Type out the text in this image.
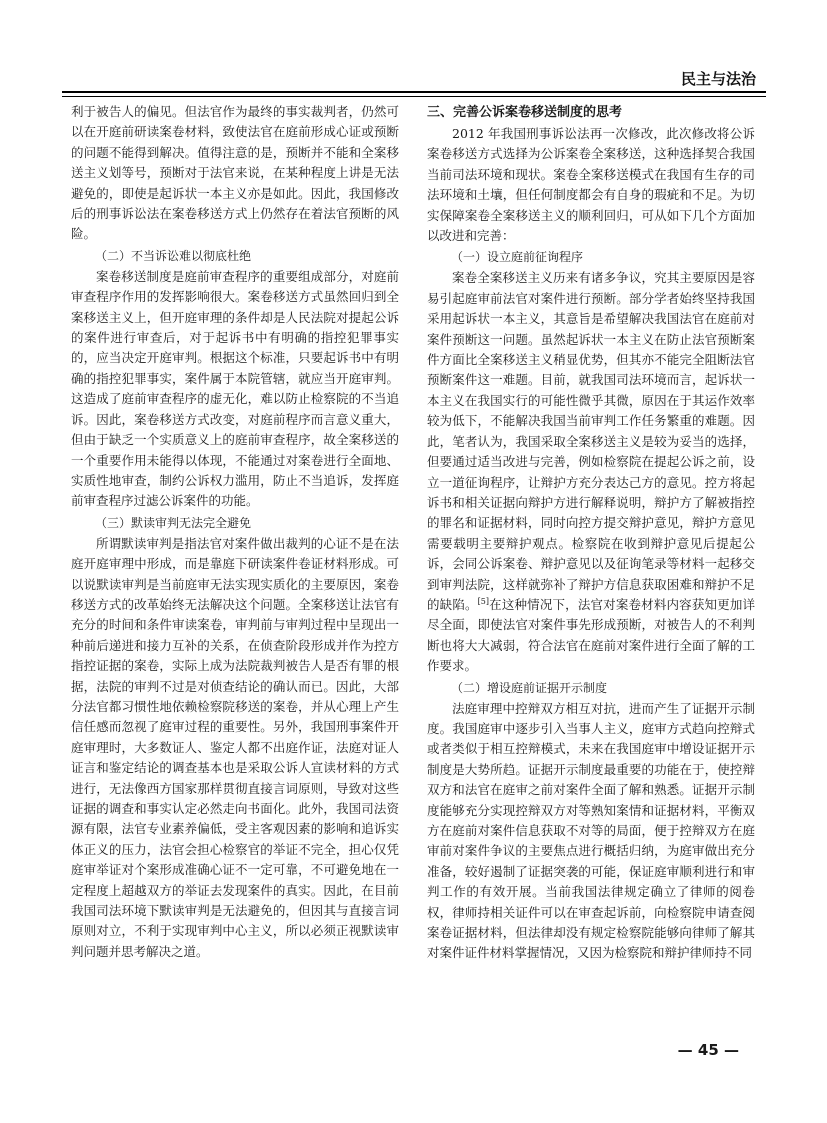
民主与法治

利于被告人的偏见。但法官作为最终的事实裁判者，仍然可以在开庭前研读案卷材料，致使法官在庭前形成心证或预断的问题不能得到解决。值得注意的是，预断并不能和全案移送主义划等号，预断对于法官来说，在某种程度上讲是无法避免的，即使是起诉状一本主义亦是如此。因此，我国修改后的刑事诉讼法在案卷移送方式上仍然存在着法官预断的风险。

（二）不当诉讼难以彻底杜绝

案卷移送制度是庭前审查程序的重要组成部分，对庭前审查程序作用的发挥影响很大。案卷移送方式虽然回归到全案移送主义上，但开庭审理的条件却是人民法院对提起公诉的案件进行审查后，对于起诉书中有明确的指控犯罪事实的，应当决定开庭审判。根据这个标准，只要起诉书中有明确的指控犯罪事实，案件属于本院管辖，就应当开庭审判。这造成了庭前审查程序的虚无化，难以防止检察院的不当追诉。因此，案卷移送方式改变，对庭前程序而言意义重大，但由于缺乏一个实质意义上的庭前审查程序，故全案移送的一个重要作用未能得以体现，不能通过对案卷进行全面地、实质性地审查，制约公诉权力滥用，防止不当追诉，发挥庭前审查程序过滤公诉案件的功能。

（三）默读审判无法完全避免

所谓默读审判是指法官对案件做出裁判的心证不是在法庭开庭审理中形成，而是靠庭下研读案件卷证材料形成。可以说默读审判是当前庭审无法实现实质化的主要原因，案卷移送方式的改革始终无法解决这个问题。全案移送让法官有充分的时间和条件审读案卷，审判前与审判过程中呈现出一种前后递进和接力互补的关系，在侦查阶段形成并作为控方指控证据的案卷，实际上成为法院裁判被告人是否有罪的根据，法院的审判不过是对侦查结论的确认而已。因此，大部分法官都习惯性地依赖检察院移送的案卷，并从心理上产生信任感而忽视了庭审过程的重要性。另外，我国刑事案件开庭审理时，大多数证人、鉴定人都不出庭作证，法庭对证人证言和鉴定结论的调查基本也是采取公诉人宣读材料的方式进行，无法像西方国家那样贯彻直接言词原则，导致对这些证据的调查和事实认定必然走向书面化。此外，我国司法资源有限，法官专业素养偏低，受主客观因素的影响和追诉实体正义的压力，法官会担心检察官的举证不完全，担心仅凭庭审举证对个案形成准确心证不一定可靠，不可避免地在一定程度上超越双方的举证去发现案件的真实。因此，在目前我国司法环境下默读审判是无法避免的，但因其与直接言词原则对立，不利于实现审判中心主义，所以必须正视默读审判问题并思考解决之道。

三、完善公诉案卷移送制度的思考

2012 年我国刑事诉讼法再一次修改，此次修改将公诉案卷移送方式选择为公诉案卷全案移送，这种选择契合我国当前司法环境和现状。案卷全案移送模式在我国有生存的司法环境和土壤，但任何制度都会有自身的瑕疵和不足。为切实保障案卷全案移送主义的顺利回归，可从如下几个方面加以改进和完善：

（一）设立庭前征询程序

案卷全案移送主义历来有诸多争议，究其主要原因是容易引起庭审前法官对案件进行预断。部分学者始终坚持我国采用起诉状一本主义，其意旨是希望解决我国法官在庭前对案件预断这一问题。虽然起诉状一本主义在防止法官预断案件方面比全案移送主义稍显优势，但其亦不能完全阻断法官预断案件这一难题。目前，就我国司法环境而言，起诉状一本主义在我国实行的可能性微乎其微，原因在于其运作效率较为低下，不能解决我国当前审判工作任务繁重的难题。因此，笔者认为，我国采取全案移送主义是较为妥当的选择，但要通过适当改进与完善，例如检察院在提起公诉之前，设立一道征询程序，让辩护方充分表达己方的意见。控方将起诉书和相关证据向辩护方进行解释说明，辩护方了解被指控的罪名和证据材料，同时向控方提交辩护意见，辩护方意见需要载明主要辩护观点。检察院在收到辩护意见后提起公诉，会同公诉案卷、辩护意见以及征询笔录等材料一起移交到审判法院，这样就弥补了辩护方信息获取困难和辩护不足的缺陷。[5]在这种情况下，法官对案卷材料内容获知更加详尽全面，即使法官对案件事先形成预断，对被告人的不利判断也将大大减弱，符合法官在庭前对案件进行全面了解的工作要求。

（二）增设庭前证据开示制度

法庭审理中控辩双方相互对抗，进而产生了证据开示制度。我国庭审中逐步引入当事人主义，庭审方式趋向控辩式或者类似于相互控辩模式，未来在我国庭审中增设证据开示制度是大势所趋。证据开示制度最重要的功能在于，使控辩双方和法官在庭审之前对案件全面了解和熟悉。证据开示制度能够充分实现控辩双方对等熟知案情和证据材料，平衡双方在庭前对案件信息获取不对等的局面，便于控辩双方在庭审前对案件争议的主要焦点进行概括归纳，为庭审做出充分准备，较好遏制了证据突袭的可能，保证庭审顺利进行和审判工作的有效开展。当前我国法律规定确立了律师的阅卷权，律师持相关证件可以在审查起诉前，向检察院申请查阅案卷证据材料，但法律却没有规定检察院能够向律师了解其对案件证件材料掌握情况，又因为检察院和辩护律师持不同

— 45 —
